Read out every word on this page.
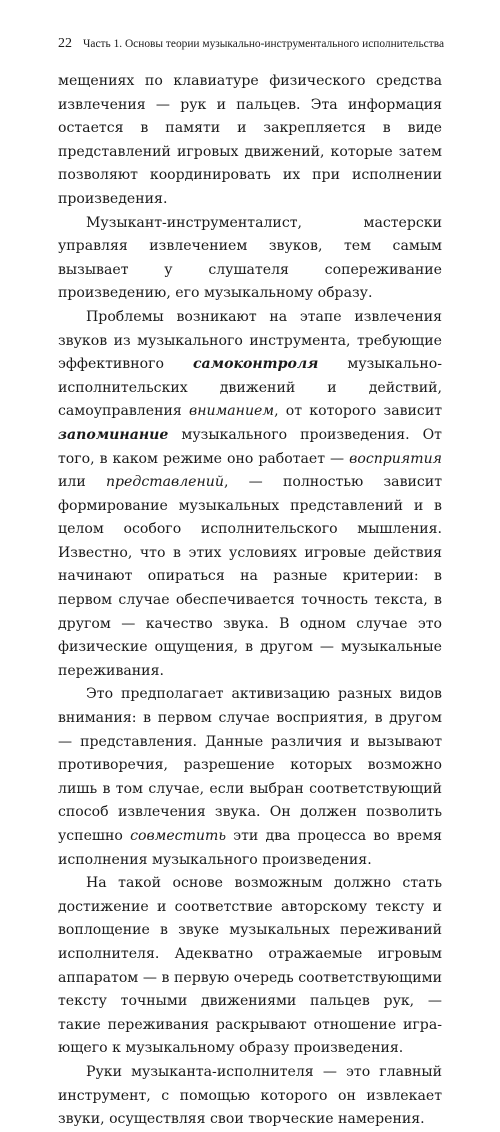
22 Часть 1. Основы теории музыкально-инструментального исполнительства

мещениях по клавиатуре физического средства извлечения — рук и пальцев. Эта информация остается в памяти и закрепляется в виде представлений игровых движений, которые затем позволяют координировать их при исполнении произведения.

Музыкант-инструменталист, мастерски управляя извлечением звуков, тем самым вызывает у слушателя сопереживание произведению, его музыкальному образу.

Проблемы возникают на этапе извлечения звуков из музыкального инструмента, требующие эффективного самоконтроля музыкально-исполнительских движений и действий, самоуправления вниманием, от которого зависит запоминание музыкального произведения. От того, в каком режиме оно работает — восприятия или представлений, — полностью зависит формирование музыкальных представлений и в целом особого исполнительского мышления. Известно, что в этих условиях игровые действия начинают опираться на разные критерии: в первом случае обеспечивается точность текста, в другом — качество звука. В одном случае это физические ощущения, в другом — музыкальные переживания.

Это предполагает активизацию разных видов внимания: в первом случае восприятия, в другом — представления. Данные различия и вызывают противоречия, разрешение которых возможно лишь в том случае, если выбран соответствующий способ извлечения звука. Он должен позволить успешно совместить эти два процесса во время исполнения музыкального произведения.

На такой основе возможным должно стать достижение и соответствие авторскому тексту и воплощение в звуке музыкальных переживаний исполнителя. Адекватно отражаемые игровым аппаратом — в первую очередь соответствующими тексту точными движениями пальцев рук, — такие переживания раскрывают отношение играющего к музыкальному образу произведения.

Руки музыканта-исполнителя — это главный инструмент, с помощью которого он извлекает звуки, осуществляя свои творческие намерения.
